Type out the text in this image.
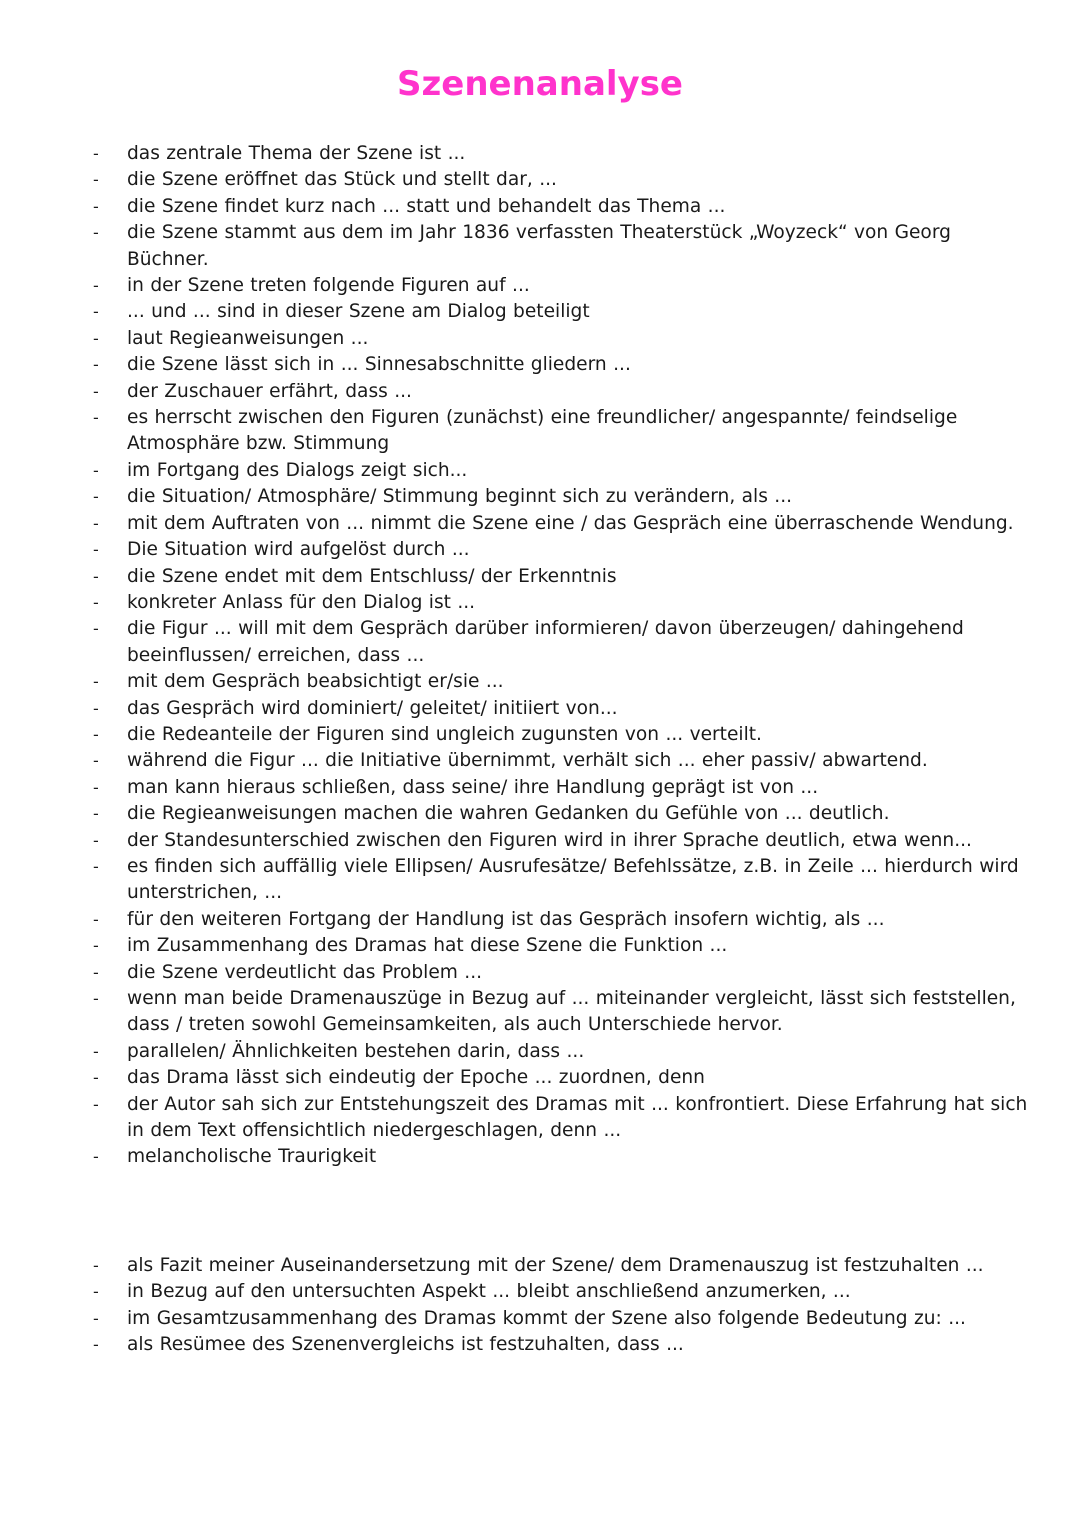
Szenenanalyse
- das zentrale Thema der Szene ist ...
- die Szene eröffnet das Stück und stellt dar, ...
- die Szene findet kurz nach ... statt und behandelt das Thema ...
- die Szene stammt aus dem im Jahr 1836 verfassten Theaterstück „Woyzeck“ von Georg Büchner.
- in der Szene treten folgende Figuren auf ...
- ... und ... sind in dieser Szene am Dialog beteiligt
- laut Regieanweisungen ...
- die Szene lässt sich in ... Sinnesabschnitte gliedern ...
- der Zuschauer erfährt, dass ...
- es herrscht zwischen den Figuren (zunächst) eine freundlicher/ angespannte/ feindselige Atmosphäre bzw. Stimmung
- im Fortgang des Dialogs zeigt sich...
- die Situation/ Atmosphäre/ Stimmung beginnt sich zu verändern, als ...
- mit dem Auftraten von ... nimmt die Szene eine / das Gespräch eine überraschende Wendung.
- Die Situation wird aufgelöst durch ...
- die Szene endet mit dem Entschluss/ der Erkenntnis
- konkreter Anlass für den Dialog ist ...
- die Figur ... will mit dem Gespräch darüber informieren/ davon überzeugen/ dahingehend beeinflussen/ erreichen, dass ...
- mit dem Gespräch beabsichtigt er/sie ...
- das Gespräch wird dominiert/ geleitet/ initiiert von...
- die Redeanteile der Figuren sind ungleich zugunsten von ... verteilt.
- während die Figur ... die Initiative übernimmt, verhält sich ... eher passiv/ abwartend.
- man kann hieraus schließen, dass seine/ ihre Handlung geprägt ist von ...
- die Regieanweisungen machen die wahren Gedanken du Gefühle von ... deutlich.
- der Standesunterschied zwischen den Figuren wird in ihrer Sprache deutlich, etwa wenn...
- es finden sich auffällig viele Ellipsen/ Ausrufesätze/ Befehlssätze, z.B. in Zeile ... hierdurch wird unterstrichen, ...
- für den weiteren Fortgang der Handlung ist das Gespräch insofern wichtig, als ...
- im Zusammenhang des Dramas hat diese Szene die Funktion ...
- die Szene verdeutlicht das Problem ...
- wenn man beide Dramenauszüge in Bezug auf ... miteinander vergleicht, lässt sich feststellen, dass / treten sowohl Gemeinsamkeiten, als auch Unterschiede hervor.
- parallelen/ Ähnlichkeiten bestehen darin, dass ...
- das Drama lässt sich eindeutig der Epoche ... zuordnen, denn
- der Autor sah sich zur Entstehungszeit des Dramas mit ... konfrontiert. Diese Erfahrung hat sich in dem Text offensichtlich niedergeschlagen, denn ...
- melancholische Traurigkeit
- als Fazit meiner Auseinandersetzung mit der Szene/ dem Dramenauszug ist festzuhalten ...
- in Bezug auf den untersuchten Aspekt ... bleibt anschließend anzumerken, ...
- im Gesamtzusammenhang des Dramas kommt der Szene also folgende Bedeutung zu: ...
- als Resümee des Szenenvergleichs ist festzuhalten, dass ...
